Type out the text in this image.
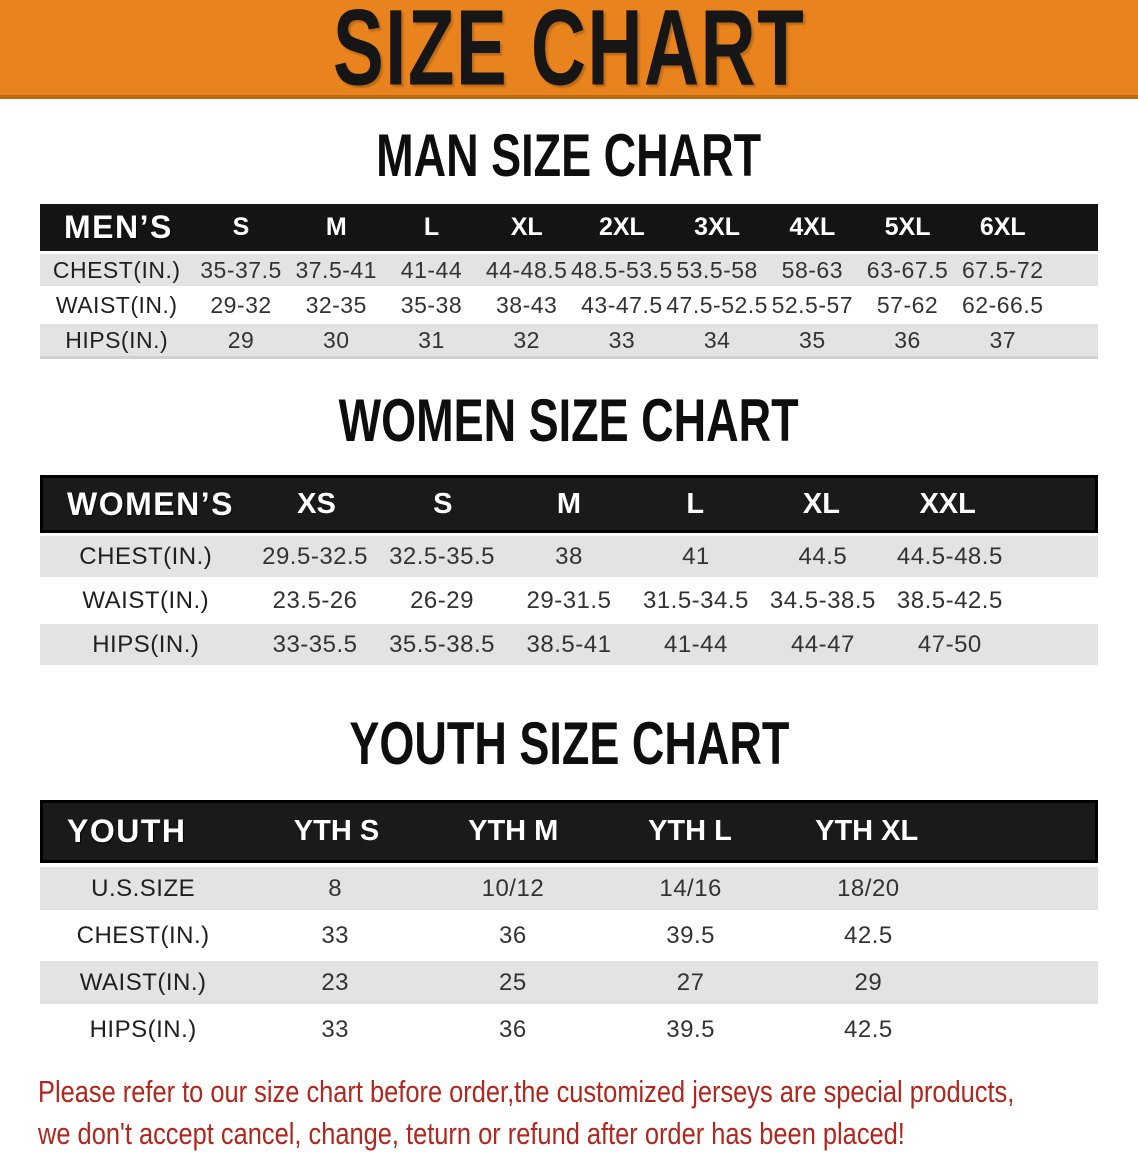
SIZE CHART
MAN SIZE CHART
MEN’S	S	M	L	XL	2XL	3XL	4XL	5XL	6XL
CHEST(IN.) 35-37.5 37.5-41	41-44	44-48.5 48.5-53.5 53.5-58	58-63	63-67.5 67.5-72
WAIST(IN.)	29-32	32-35	35-38	38-43	43-47.5 47.5-52.5 52.5-57	57-62	62-66.5
HIPS(IN.)	29	30	31	32	33	34	35	36	37
WOMEN SIZE CHART
WOMEN’S	XS	S	M	L	XL	XXL
CHEST(IN.)	29.5-32.5 32.5-35.5	38	41	44.5	44.5-48.5
WAIST(IN.)	23.5-26	26-29	29-31.5	31.5-34.5 34.5-38.5 38.5-42.5
HIPS(IN.)	33-35.5	35.5-38.5	38.5-41	41-44	44-47	47-50
YOUTH SIZE CHART
YOUTH	YTH S	YTH M	YTH L	YTH XL
U.S.SIZE	8	10/12	14/16	18/20
CHEST(IN.)	33	36	39.5	42.5
WAIST(IN.)	23	25	27	29
HIPS(IN.)	33	36	39.5	42.5
Please refer to our size chart before order,the customized jerseys are special products,
we don't accept cancel, change, teturn or refund after order has been placed!
